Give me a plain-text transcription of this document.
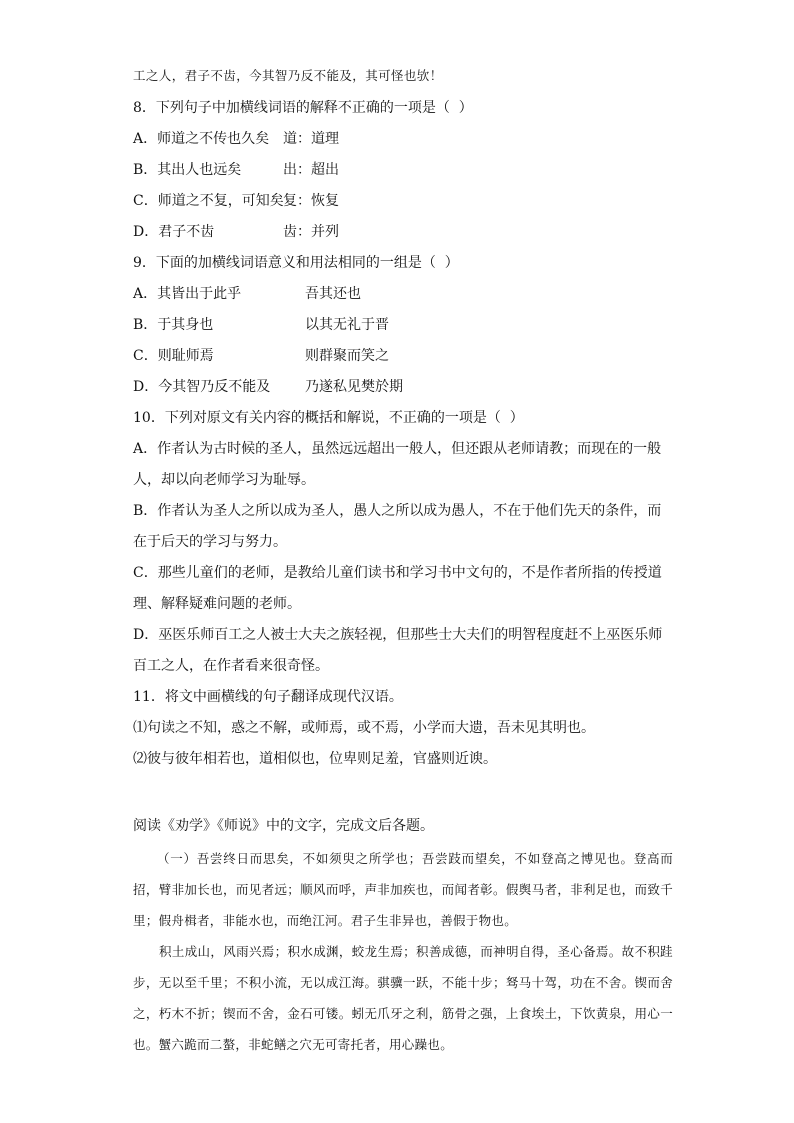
工之人，君子不齿，今其智乃反不能及，其可怪也欤！
8．下列句子中加横线词语的解释不正确的一项是（  ）
A．师道之不传也久矣 道：道理
B．其出人也远矣	出：超出
C．师道之不复，可知矣复：恢复
D．君子不齿	齿：并列
9．下面的加横线词语意义和用法相同的一组是（  ）
A．其皆出于此乎	吾其还也
B．于其身也	以其无礼于晋
C．则耻师焉	则群聚而笑之
D．今其智乃反不能及 乃遂私见樊於期
10．下列对原文有关内容的概括和解说，不正确的一项是（  ）
A．作者认为古时候的圣人，虽然远远超出一般人，但还跟从老师请教；而现在的一般
人，却以向老师学习为耻辱。
B．作者认为圣人之所以成为圣人，愚人之所以成为愚人，不在于他们先天的条件，而
在于后天的学习与努力。
C．那些儿童们的老师，是教给儿童们读书和学习书中文句的，不是作者所指的传授道
理、解释疑难问题的老师。
D．巫医乐师百工之人被士大夫之族轻视，但那些士大夫们的明智程度赶不上巫医乐师
百工之人，在作者看来很奇怪。
11．将文中画横线的句子翻译成现代汉语。
⑴句读之不知，惑之不解，或师焉，或不焉，小学而大遗，吾未见其明也。
⑵彼与彼年相若也，道相似也，位卑则足羞，官盛则近谀。
阅读《劝学》《师说》中的文字，完成文后各题。

（一）吾尝终日而思矣，不如须臾之所学也；吾尝跂而望矣，不如登高之博见也。登高而招，臂非加长也，而见者远；顺风而呼，声非加疾也，而闻者彰。假舆马者，非利足也，而致千里；假舟楫者，非能水也，而绝江河。君子生非异也，善假于物也。

积土成山，风雨兴焉；积水成渊，蛟龙生焉；积善成德，而神明自得，圣心备焉。故不积跬步，无以至千里；不积小流，无以成江海。骐骥一跃，不能十步；驽马十驾，功在不舍。锲而舍之，朽木不折；锲而不舍，金石可镂。蚓无爪牙之利，筋骨之强，上食埃土，下饮黄泉，用心一也。蟹六跪而二螯，非蛇鳝之穴无可寄托者，用心躁也。
